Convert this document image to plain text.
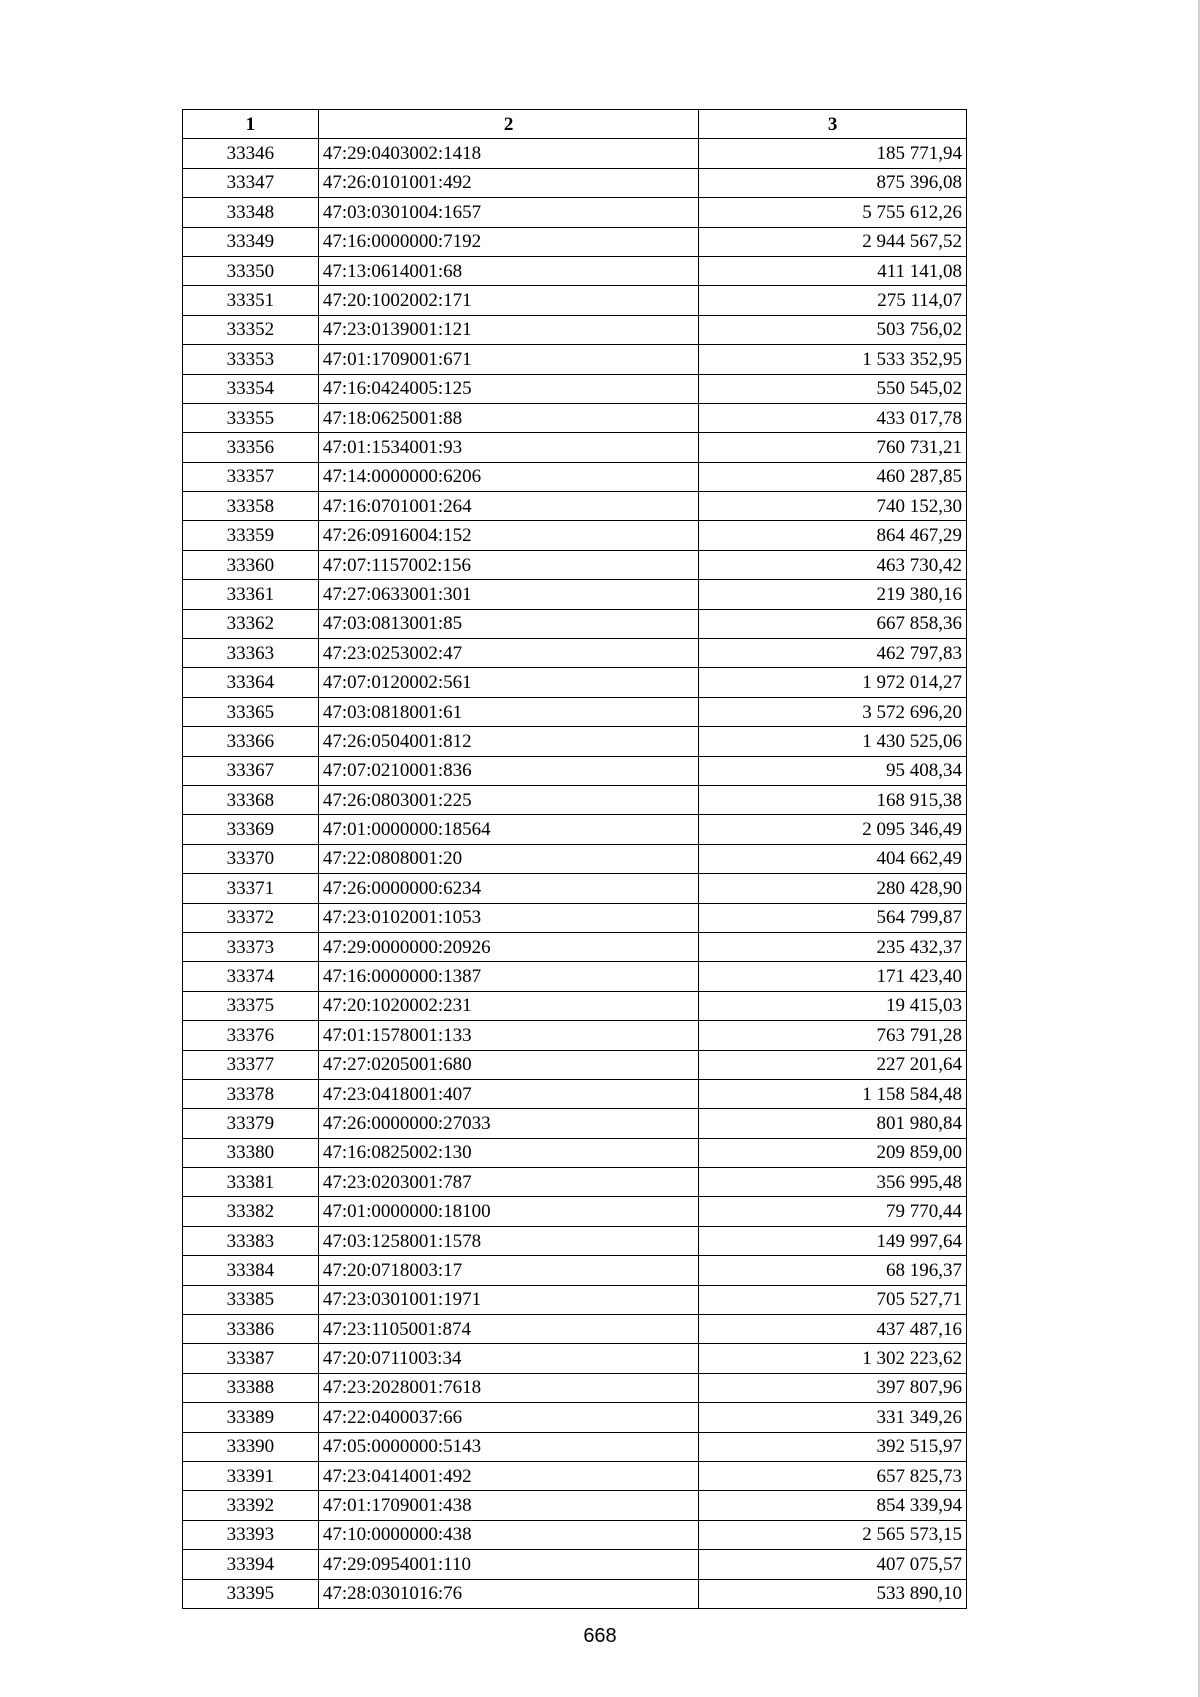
1	2	3
33346	47:29:0403002:1418	185 771,94
33347	47:26:0101001:492	875 396,08
33348	47:03:0301004:1657	5 755 612,26
33349	47:16:0000000:7192	2 944 567,52
33350	47:13:0614001:68	411 141,08
33351	47:20:1002002:171	275 114,07
33352	47:23:0139001:121	503 756,02
33353	47:01:1709001:671	1 533 352,95
33354	47:16:0424005:125	550 545,02
33355	47:18:0625001:88	433 017,78
33356	47:01:1534001:93	760 731,21
33357	47:14:0000000:6206	460 287,85
33358	47:16:0701001:264	740 152,30
33359	47:26:0916004:152	864 467,29
33360	47:07:1157002:156	463 730,42
33361	47:27:0633001:301	219 380,16
33362	47:03:0813001:85	667 858,36
33363	47:23:0253002:47	462 797,83
33364	47:07:0120002:561	1 972 014,27
33365	47:03:0818001:61	3 572 696,20
33366	47:26:0504001:812	1 430 525,06
33367	47:07:0210001:836	95 408,34
33368	47:26:0803001:225	168 915,38
33369	47:01:0000000:18564	2 095 346,49
33370	47:22:0808001:20	404 662,49
33371	47:26:0000000:6234	280 428,90
33372	47:23:0102001:1053	564 799,87
33373	47:29:0000000:20926	235 432,37
33374	47:16:0000000:1387	171 423,40
33375	47:20:1020002:231	19 415,03
33376	47:01:1578001:133	763 791,28
33377	47:27:0205001:680	227 201,64
33378	47:23:0418001:407	1 158 584,48
33379	47:26:0000000:27033	801 980,84
33380	47:16:0825002:130	209 859,00
33381	47:23:0203001:787	356 995,48
33382	47:01:0000000:18100	79 770,44
33383	47:03:1258001:1578	149 997,64
33384	47:20:0718003:17	68 196,37
33385	47:23:0301001:1971	705 527,71
33386	47:23:1105001:874	437 487,16
33387	47:20:0711003:34	1 302 223,62
33388	47:23:2028001:7618	397 807,96
33389	47:22:0400037:66	331 349,26
33390	47:05:0000000:5143	392 515,97
33391	47:23:0414001:492	657 825,73
33392	47:01:1709001:438	854 339,94
33393	47:10:0000000:438	2 565 573,15
33394	47:29:0954001:110	407 075,57
33395	47:28:0301016:76	533 890,10
668
